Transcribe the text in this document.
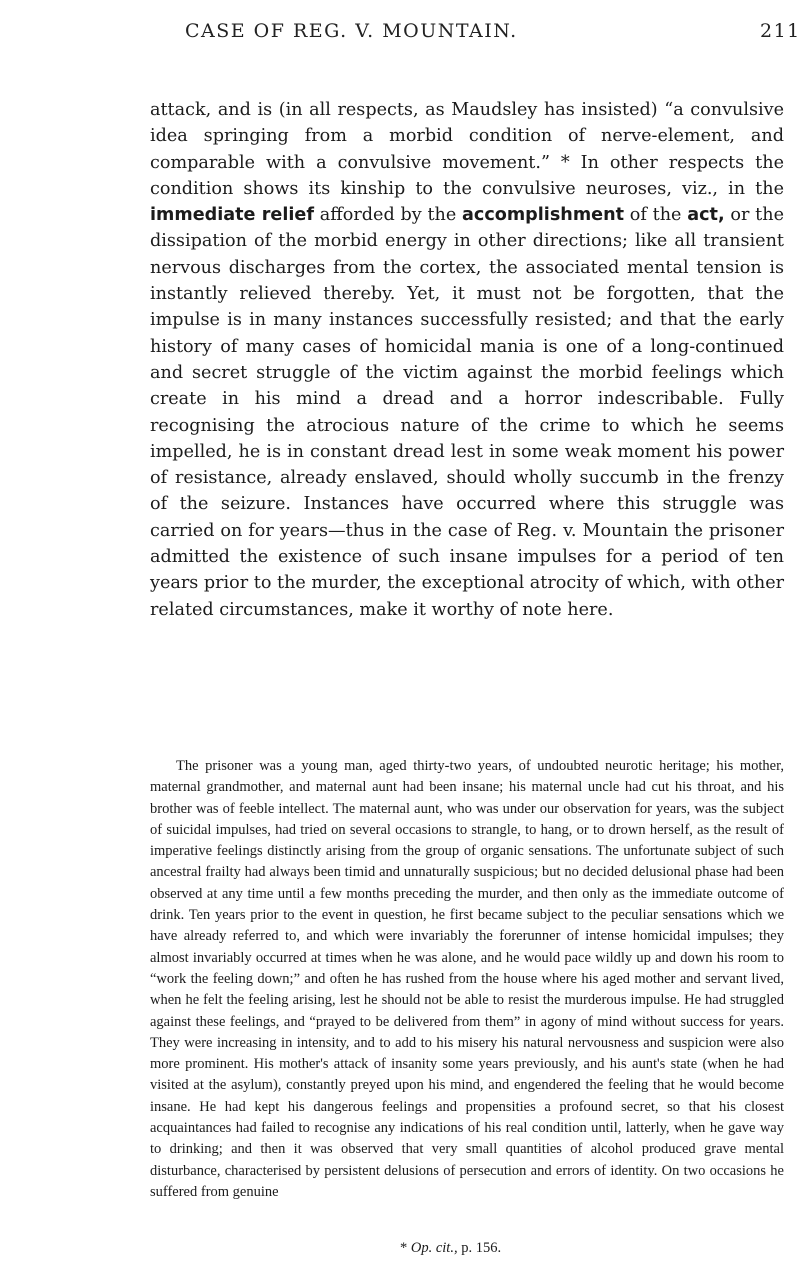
CASE OF REG. V. MOUNTAIN.	211

attack, and is (in all respects, as Maudsley has insisted) “a convulsive idea springing from a morbid condition of nerve-element, and comparable with a convulsive movement.” * In other respects the condition shows its kinship to the convulsive neuroses, viz., in the immediate relief afforded by the accomplishment of the act, or the dissipation of the morbid energy in other directions; like all transient nervous discharges from the cortex, the associated mental tension is instantly relieved thereby. Yet, it must not be forgotten, that the impulse is in many instances successfully resisted; and that the early history of many cases of homicidal mania is one of a long-continued and secret struggle of the victim against the morbid feelings which create in his mind a dread and a horror indescribable. Fully recognising the atrocious nature of the crime to which he seems impelled, he is in constant dread lest in some weak moment his power of resistance, already enslaved, should wholly succumb in the frenzy of the seizure. Instances have occurred where this struggle was carried on for years—thus in the case of Reg. v. Mountain the prisoner admitted the existence of such insane impulses for a period of ten years prior to the murder, the exceptional atrocity of which, with other related circumstances, make it worthy of note here.

The prisoner was a young man, aged thirty-two years, of undoubted neurotic heritage; his mother, maternal grandmother, and maternal aunt had been insane; his maternal uncle had cut his throat, and his brother was of feeble intellect. The maternal aunt, who was under our observation for years, was the subject of suicidal impulses, had tried on several occasions to strangle, to hang, or to drown herself, as the result of imperative feelings distinctly arising from the group of organic sensations. The unfortunate subject of such ancestral frailty had always been timid and unnaturally suspicious; but no decided delusional phase had been observed at any time until a few months preceding the murder, and then only as the immediate outcome of drink. Ten years prior to the event in question, he first became subject to the peculiar sensations which we have already referred to, and which were invariably the forerunner of intense homicidal impulses; they almost invariably occurred at times when he was alone, and he would pace wildly up and down his room to “work the feeling down;” and often he has rushed from the house where his aged mother and servant lived, when he felt the feeling arising, lest he should not be able to resist the murderous impulse. He had struggled against these feelings, and “prayed to be delivered from them” in agony of mind without success for years. They were increasing in intensity, and to add to his misery his natural nervousness and suspicion were also more prominent. His mother's attack of insanity some years previously, and his aunt's state (when he had visited at the asylum), constantly preyed upon his mind, and engendered the feeling that he would become insane. He had kept his dangerous feelings and propensities a profound secret, so that his closest acquaintances had failed to recognise any indications of his real condition until, latterly, when he gave way to drinking; and then it was observed that very small quantities of alcohol produced grave mental disturbance, characterised by persistent delusions of persecution and errors of identity. On two occasions he suffered from genuine

* Op. cit., p. 156.
